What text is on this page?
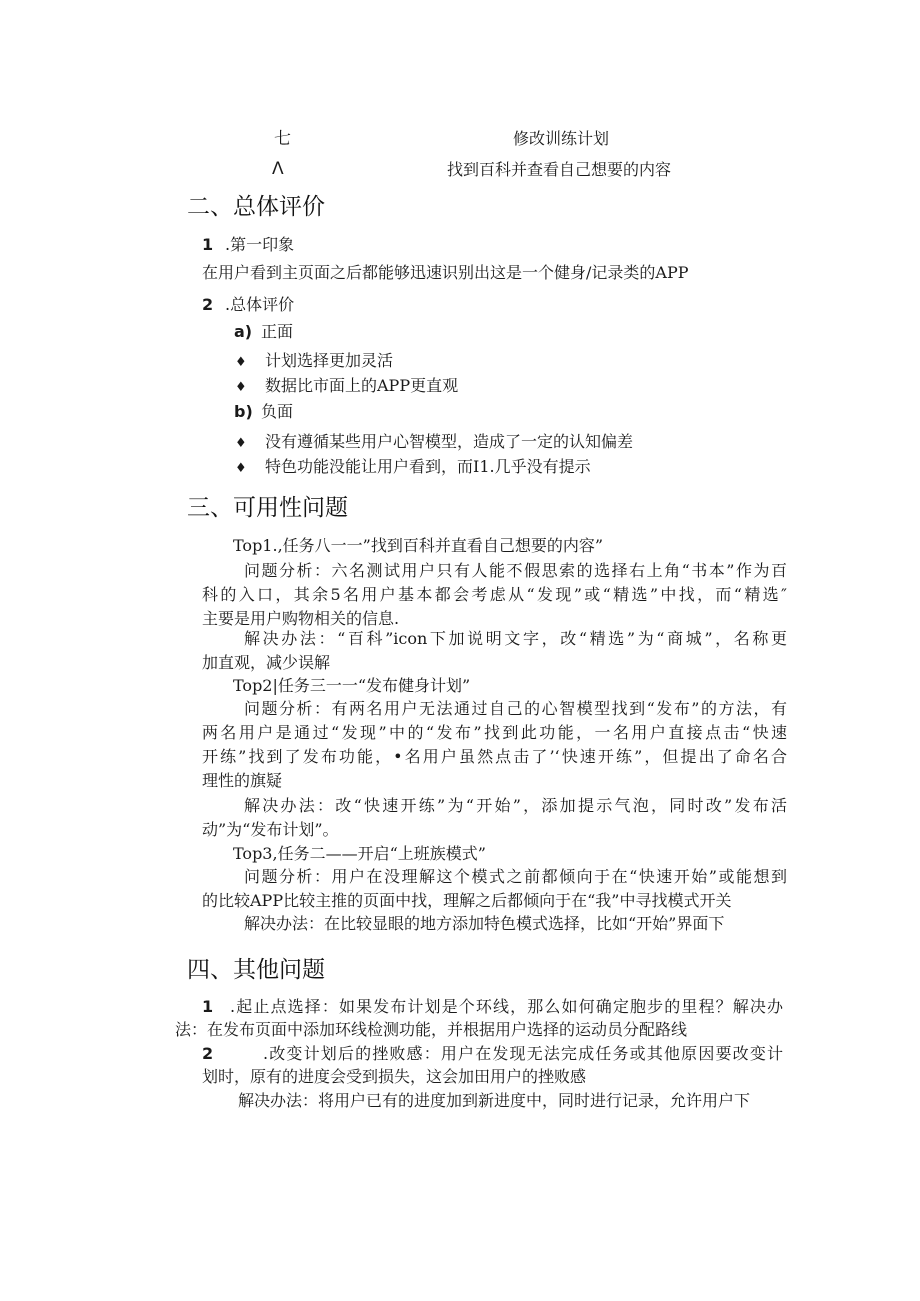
七	修改训练计划
Λ	找到百科并查看自己想要的内容
二、总体评价
1 .第一印象
在用户看到主页面之后都能够迅速识别出这是一个健身/记录类的APP
2 .总体评价
a) 正面
♦ 计划选择更加灵活
♦ 数据比市面上的APP更直观
b) 负面
♦ 没有遵循某些用户心智模型，造成了一定的认知偏差
♦ 特色功能没能让用户看到，而I1.几乎没有提示
三、可用性问题
Top1.,任务八一一”找到百科并直看自己想要的内容”
问题分析：六名测试用户只有人能不假思索的选择右上角“书本”作为百
科的入口，其余5名用户基本都会考虑从“发现”或“精选”中找，而“精选″
主要是用户购物相关的信息.
解决办法：“百科”icon下加说明文字，改“精选”为“商城”，名称更
加直观，减少误解
Top2|任务三一一“发布健身计划”
问题分析：有两名用户无法通过自己的心智模型找到“发布”的方法，有
两名用户是通过“发现”中的“发布”找到此功能，一名用户直接点击“快速
开练”找到了发布功能，•名用户虽然点击了’‘快速开练”，但提出了命名合
理性的旗疑
解决办法：改“快速开练”为“开始”，添加提示气泡，同时改”发布活
动”为“发布计划”。
Top3,任务二——开启“上班族模式”
问题分析：用户在没理解这个模式之前都倾向于在“快速开始”或能想到
的比较APP比较主推的页面中找，理解之后都倾向于在“我”中寻找模式开关
解决办法：在比较显眼的地方添加特色模式选择，比如“开始”界面下
四、其他问题
1 .起止点选择：如果发布计划是个环线，那么如何确定胞步的里程？解决办
法：在发布页面中添加环线检测功能，并根据用户选择的运动员分配路线
2	.改变计划后的挫败感：用户在发现无法完成任务或其他原因要改变计
划时，原有的进度会受到损失，这会加田用户的挫败感
解决办法：将用户已有的进度加到新进度中，同时进行记录，允许用户下
